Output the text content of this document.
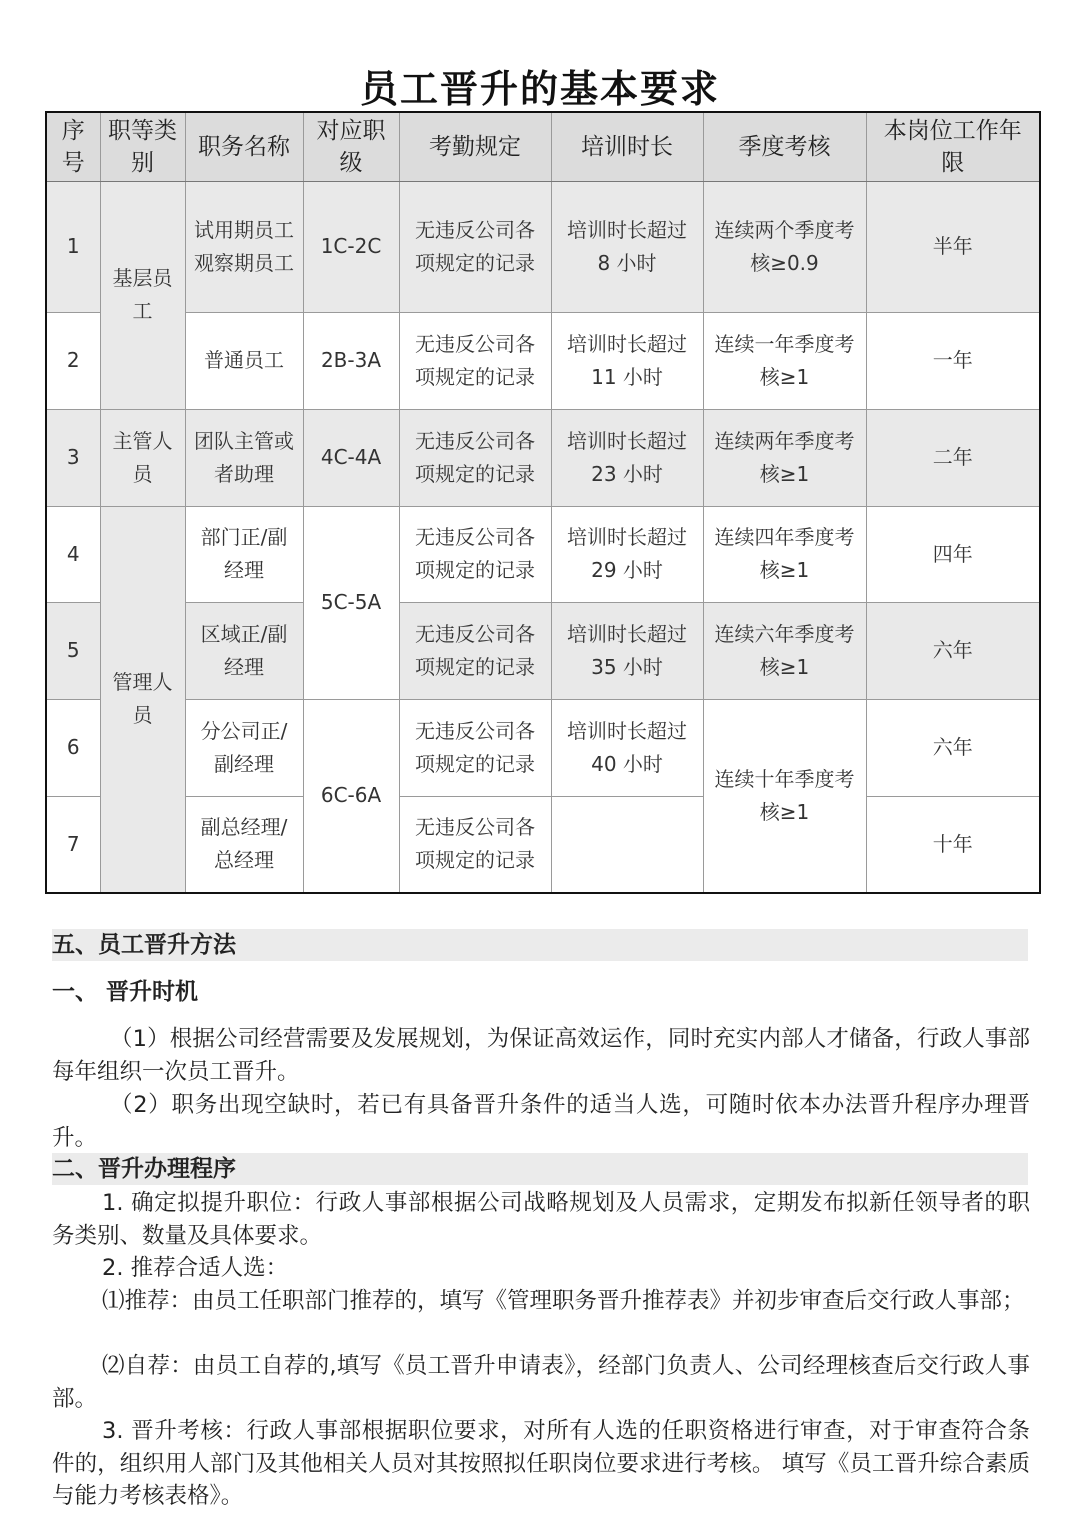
员工晋升的基本要求
序号	职等类别	职务名称	对应职级	考勤规定	培训时长	季度考核	本岗位工作年限
1	基层员工	试用期员工观察期员工	1C-2C	无违反公司各项规定的记录	培训时长超过 8 小时	连续两个季度考核≥0.9	半年
2		普通员工	2B-3A	无违反公司各项规定的记录	培训时长超过 11 小时	连续一年季度考核≥1	一年
3	主管人员	团队主管或者助理	4C-4A	无违反公司各项规定的记录	培训时长超过 23 小时	连续两年季度考核≥1	二年
4	管理人员	部门正/副经理	5C-5A	无违反公司各项规定的记录	培训时长超过 29 小时	连续四年季度考核≥1	四年
5		区域正/副经理		无违反公司各项规定的记录	培训时长超过 35 小时	连续六年季度考核≥1	六年
6		分公司正/副经理	6C-6A	无违反公司各项规定的记录	培训时长超过 40 小时	连续十年季度考核≥1	六年
7		副总经理/总经理		无违反公司各项规定的记录			十年
五、员工晋升方法
一、 晋升时机

（1）根据公司经营需要及发展规划，为保证高效运作，同时充实内部人才储备，行政人事部每年组织一次员工晋升。

（2）职务出现空缺时，若已有具备晋升条件的适当人选，可随时依本办法晋升程序办理晋升。

二、晋升办理程序

1. 确定拟提升职位：行政人事部根据公司战略规划及人员需求，定期发布拟新任领导者的职务类别、数量及具体要求。

2. 推荐合适人选：

⑴推荐：由员工任职部门推荐的，填写《管理职务晋升推荐表》并初步审查后交行政人事部；

⑵自荐：由员工自荐的,填写《员工晋升申请表》，经部门负责人、公司经理核查后交行政人事部。

3. 晋升考核：行政人事部根据职位要求，对所有人选的任职资格进行审查，对于审查符合条件的，组织用人部门及其他相关人员对其按照拟任职岗位要求进行考核。 填写《员工晋升综合素质与能力考核表格》。
